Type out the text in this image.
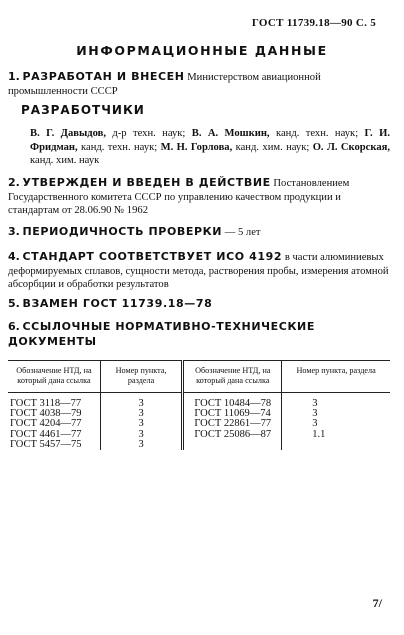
ГОСТ 11739.18—90 С. 5
ИНФОРМАЦИОННЫЕ ДАННЫЕ
1. РАЗРАБОТАН И ВНЕСЕН Министерством авиационной промышленности СССР
РАЗРАБОТЧИКИ
В. Г. Давыдов, д-р техн. наук; В. А. Мошкин, канд. техн. наук; Г. И. Фридман, канд. техн. наук; М. Н. Горлова, канд. хим. наук; О. Л. Скорская, канд. хим. наук
2. УТВЕРЖДЕН И ВВЕДЕН В ДЕЙСТВИЕ Постановлением Государственного комитета СССР по управлению качеством продукции и стандартам от 28.06.90 № 1962
3. ПЕРИОДИЧНОСТЬ ПРОВЕРКИ — 5 лет
4. СТАНДАРТ СООТВЕТСТВУЕТ ИСО 4192 в части алюминиевых деформируемых сплавов, сущности метода, растворения пробы, измерения атомной абсорбции и обработки результатов
5. ВЗАМЕН ГОСТ 11739.18—78
6. ССЫЛОЧНЫЕ НОРМАТИВНО-ТЕХНИЧЕСКИЕ ДОКУМЕНТЫ
Обозначение НТД, на который дана ссылка	Номер пункта, раздела	Обозначение НТД, на который дана ссылка	Номер пункта, раздела
ГОСТ 3118—77	3	ГОСТ 10484—78	3
ГОСТ 4038—79	3	ГОСТ 11069—74	3
ГОСТ 4204—77	3	ГОСТ 22861—77	3
ГОСТ 4461—77	3	ГОСТ 25086—87	1.1
ГОСТ 5457—75	3		
7/
